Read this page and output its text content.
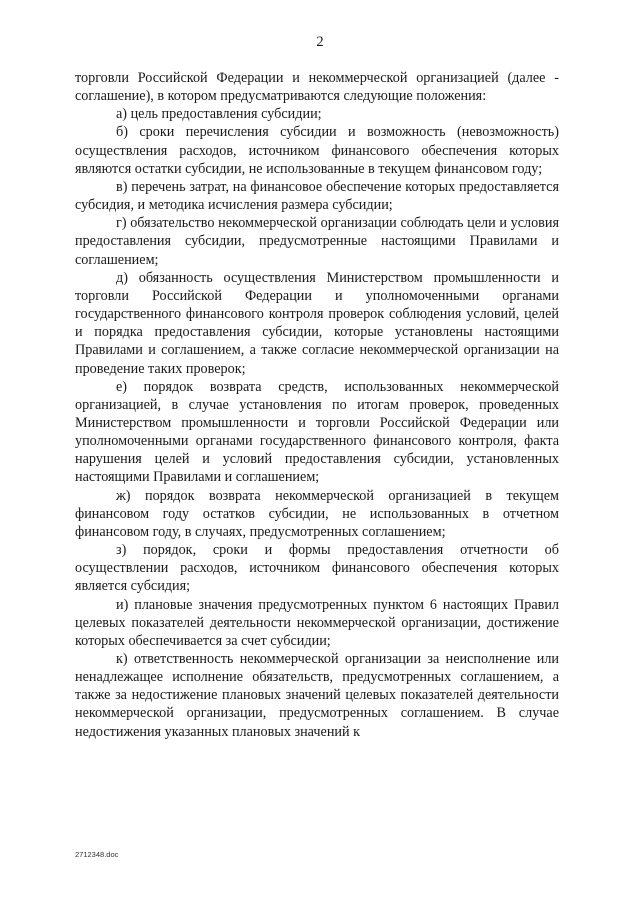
2

торговли Российской Федерации и некоммерческой организацией (далее - соглашение), в котором предусматриваются следующие положения:

а) цель предоставления субсидии;

б) сроки перечисления субсидии и возможность (невозможность) осуществления расходов, источником финансового обеспечения которых являются остатки субсидии, не использованные в текущем финансовом году;

в) перечень затрат, на финансовое обеспечение которых предоставляется субсидия, и методика исчисления размера субсидии;

г) обязательство некоммерческой организации соблюдать цели и условия предоставления субсидии, предусмотренные настоящими Правилами и соглашением;

д) обязанность осуществления Министерством промышленности и торговли Российской Федерации и уполномоченными органами государственного финансового контроля проверок соблюдения условий, целей и порядка предоставления субсидии, которые установлены настоящими Правилами и соглашением, а также согласие некоммерческой организации на проведение таких проверок;

е) порядок возврата средств, использованных некоммерческой организацией, в случае установления по итогам проверок, проведенных Министерством промышленности и торговли Российской Федерации или уполномоченными органами государственного финансового контроля, факта нарушения целей и условий предоставления субсидии, установленных настоящими Правилами и соглашением;

ж) порядок возврата некоммерческой организацией в текущем финансовом году остатков субсидии, не использованных в отчетном финансовом году, в случаях, предусмотренных соглашением;

з) порядок, сроки и формы предоставления отчетности об осуществлении расходов, источником финансового обеспечения которых является субсидия;

и) плановые значения предусмотренных пунктом 6 настоящих Правил целевых показателей деятельности некоммерческой организации, достижение которых обеспечивается за счет субсидии;

к) ответственность некоммерческой организации за неисполнение или ненадлежащее исполнение обязательств, предусмотренных соглашением, а также за недостижение плановых значений целевых показателей деятельности некоммерческой организации, предусмотренных соглашением. В случае недостижения указанных плановых значений к

2712348.doc
